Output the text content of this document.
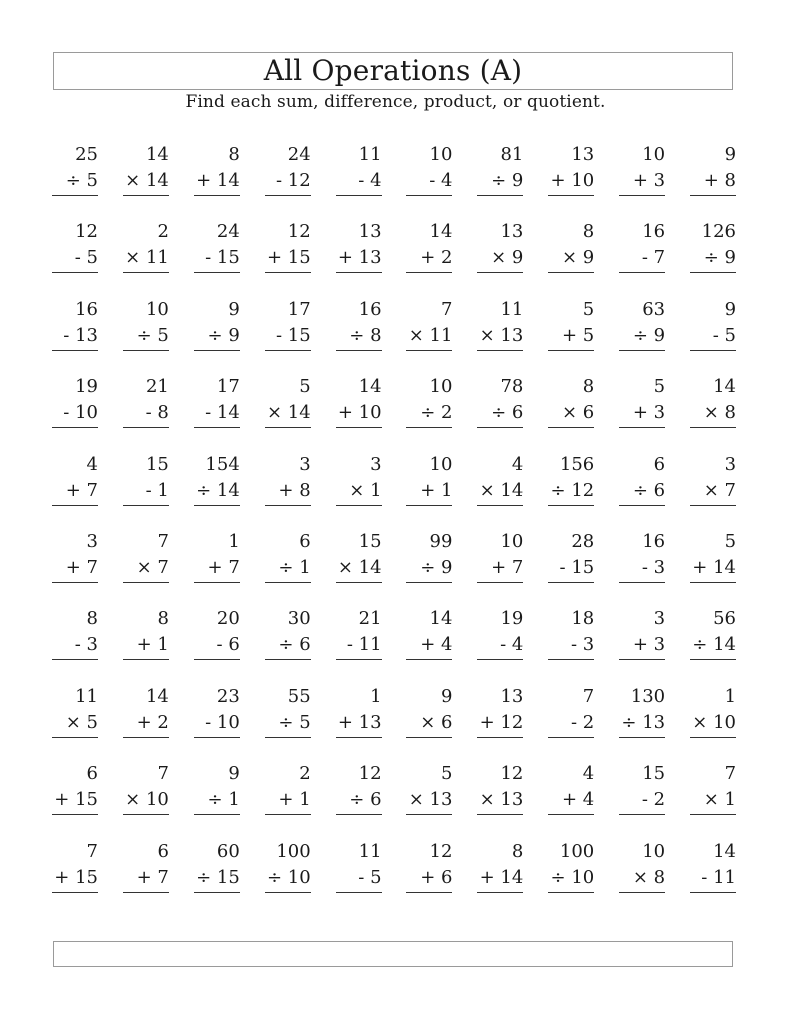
All Operations (A)
Find each sum, difference, product, or quotient.
25
÷ 5
14
× 14
8
+ 14
24
- 12
11
- 4
10
- 4
81
÷ 9
13
+ 10
10
+ 3
9
+ 8
12
- 5
2
× 11
24
- 15
12
+ 15
13
+ 13
14
+ 2
13
× 9
8
× 9
16
- 7
126
÷ 9
16
- 13
10
÷ 5
9
÷ 9
17
- 15
16
÷ 8
7
× 11
11
× 13
5
+ 5
63
÷ 9
9
- 5
19
- 10
21
- 8
17
- 14
5
× 14
14
+ 10
10
÷ 2
78
÷ 6
8
× 6
5
+ 3
14
× 8
4
+ 7
15
- 1
154
÷ 14
3
+ 8
3
× 1
10
+ 1
4
× 14
156
÷ 12
6
÷ 6
3
× 7
3
+ 7
7
× 7
1
+ 7
6
÷ 1
15
× 14
99
÷ 9
10
+ 7
28
- 15
16
- 3
5
+ 14
8
- 3
8
+ 1
20
- 6
30
÷ 6
21
- 11
14
+ 4
19
- 4
18
- 3
3
+ 3
56
÷ 14
11
× 5
14
+ 2
23
- 10
55
÷ 5
1
+ 13
9
× 6
13
+ 12
7
- 2
130
÷ 13
1
× 10
6
+ 15
7
× 10
9
÷ 1
2
+ 1
12
÷ 6
5
× 13
12
× 13
4
+ 4
15
- 2
7
× 1
7
+ 15
6
+ 7
60
÷ 15
100
÷ 10
11
- 5
12
+ 6
8
+ 14
100
÷ 10
10
× 8
14
- 11
